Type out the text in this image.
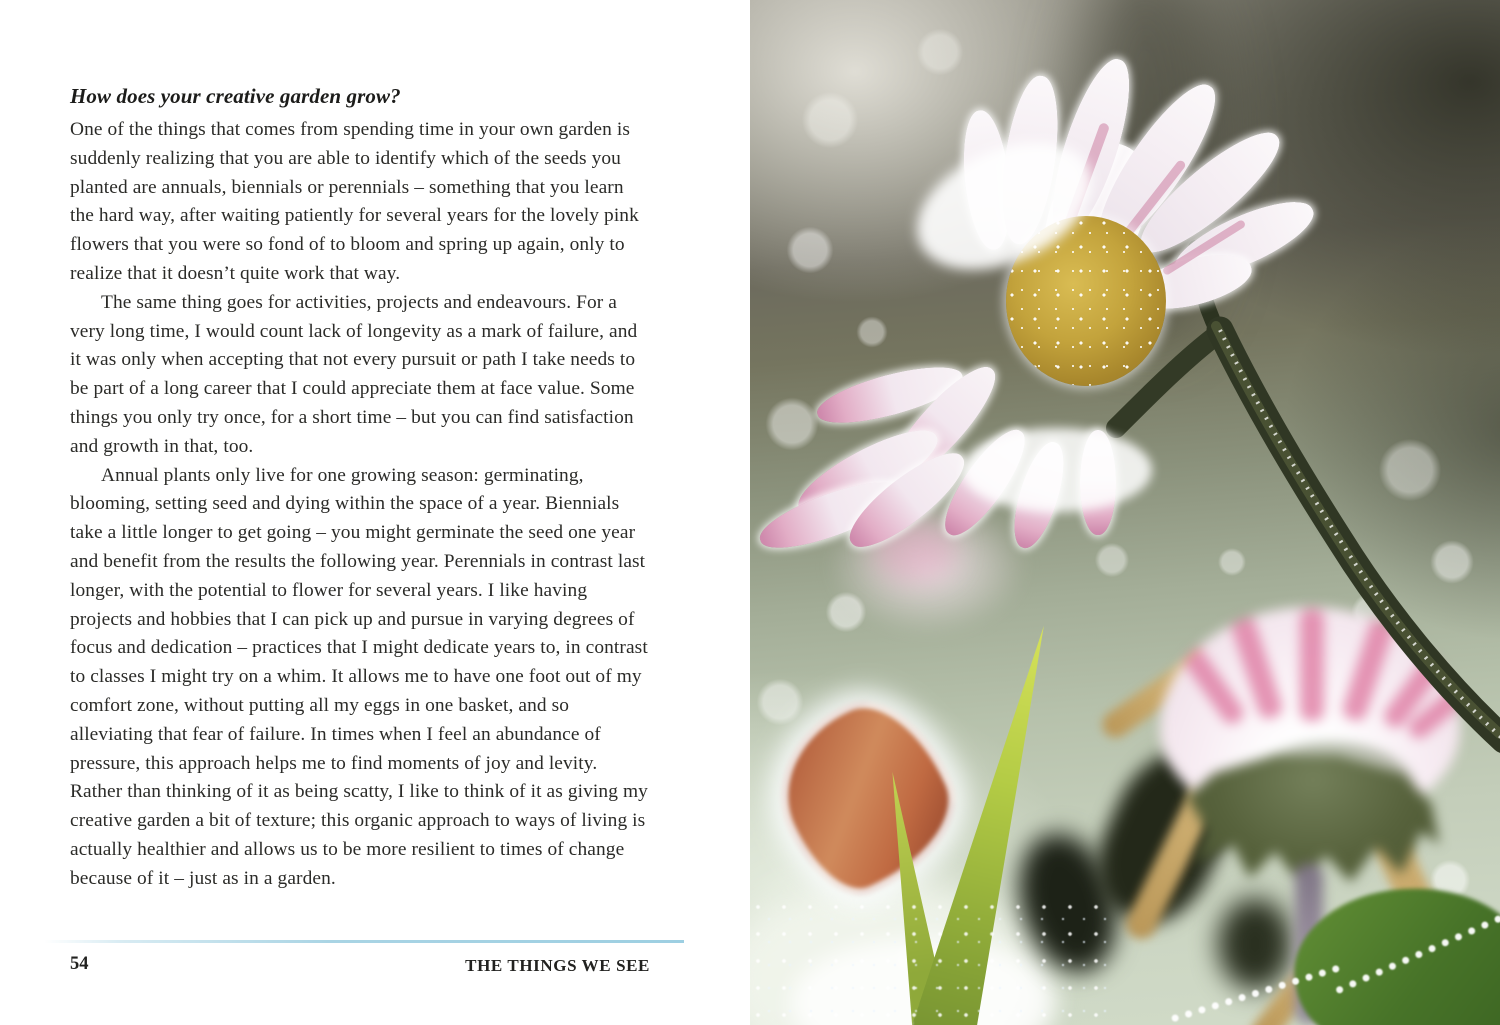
How does your creative garden grow?

One of the things that comes from spending time in your own garden is suddenly realizing that you are able to identify which of the seeds you planted are annuals, biennials or perennials – something that you learn the hard way, after waiting patiently for several years for the lovely pink flowers that you were so fond of to bloom and spring up again, only to realize that it doesn’t quite work that way.

The same thing goes for activities, projects and endeavours. For a very long time, I would count lack of longevity as a mark of failure, and it was only when accepting that not every pursuit or path I take needs to be part of a long career that I could appreciate them at face value. Some things you only try once, for a short time – but you can find satisfaction and growth in that, too.

Annual plants only live for one growing season: germinating, blooming, setting seed and dying within the space of a year. Biennials take a little longer to get going – you might germinate the seed one year and benefit from the results the following year. Perennials in contrast last longer, with the potential to flower for several years. I like having projects and hobbies that I can pick up and pursue in varying degrees of focus and dedication – practices that I might dedicate years to, in contrast to classes I might try on a whim. It allows me to have one foot out of my comfort zone, without putting all my eggs in one basket, and so alleviating that fear of failure. In times when I feel an abundance of pressure, this approach helps me to find moments of joy and levity. Rather than thinking of it as being scatty, I like to think of it as giving my creative garden a bit of texture; this organic approach to ways of living is actually healthier and allows us to be more resilient to times of change because of it – just as in a garden.

54	THE THINGS WE SEE
